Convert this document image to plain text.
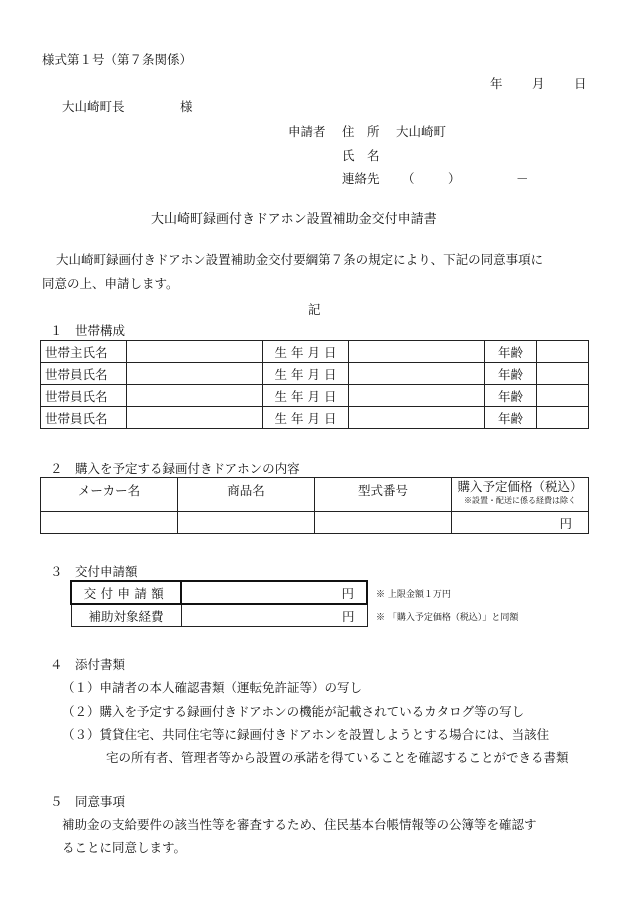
様式第１号（第７条関係）
年 月 日
大山崎町長	様
申請者 住　所 大山崎町
氏　名
連絡先 （	）	－
大山崎町録画付きドアホン設置補助金交付申請書
大山崎町録画付きドアホン設置補助金交付要綱第７条の規定により、下記の同意事項に
同意の上、申請します。
記
１　世帯構成
世帯主氏名		生 年 月 日		年齢	
世帯員氏名		生 年 月 日		年齢	
世帯員氏名		生 年 月 日		年齢	
世帯員氏名		生 年 月 日		年齢	
２　購入を予定する録画付きドアホンの内容
メーカー名	商品名	型式番号	購入予定価格（税込）
※設置・配送に係る経費は除く

			円
３　交付申請額
交付申請額	円
補助対象経費	円
※ 上限金額１万円
※ 「購入予定価格（税込）」と同額
４　添付書類
（１）申請者の本人確認書類（運転免許証等）の写し
（２）購入を予定する録画付きドアホンの機能が記載されているカタログ等の写し
（３）賃貸住宅、共同住宅等に録画付きドアホンを設置しようとする場合には、当該住
宅の所有者、管理者等から設置の承諾を得ていることを確認することができる書類
５　同意事項
補助金の支給要件の該当性等を審査するため、住民基本台帳情報等の公簿等を確認す
ることに同意します。
